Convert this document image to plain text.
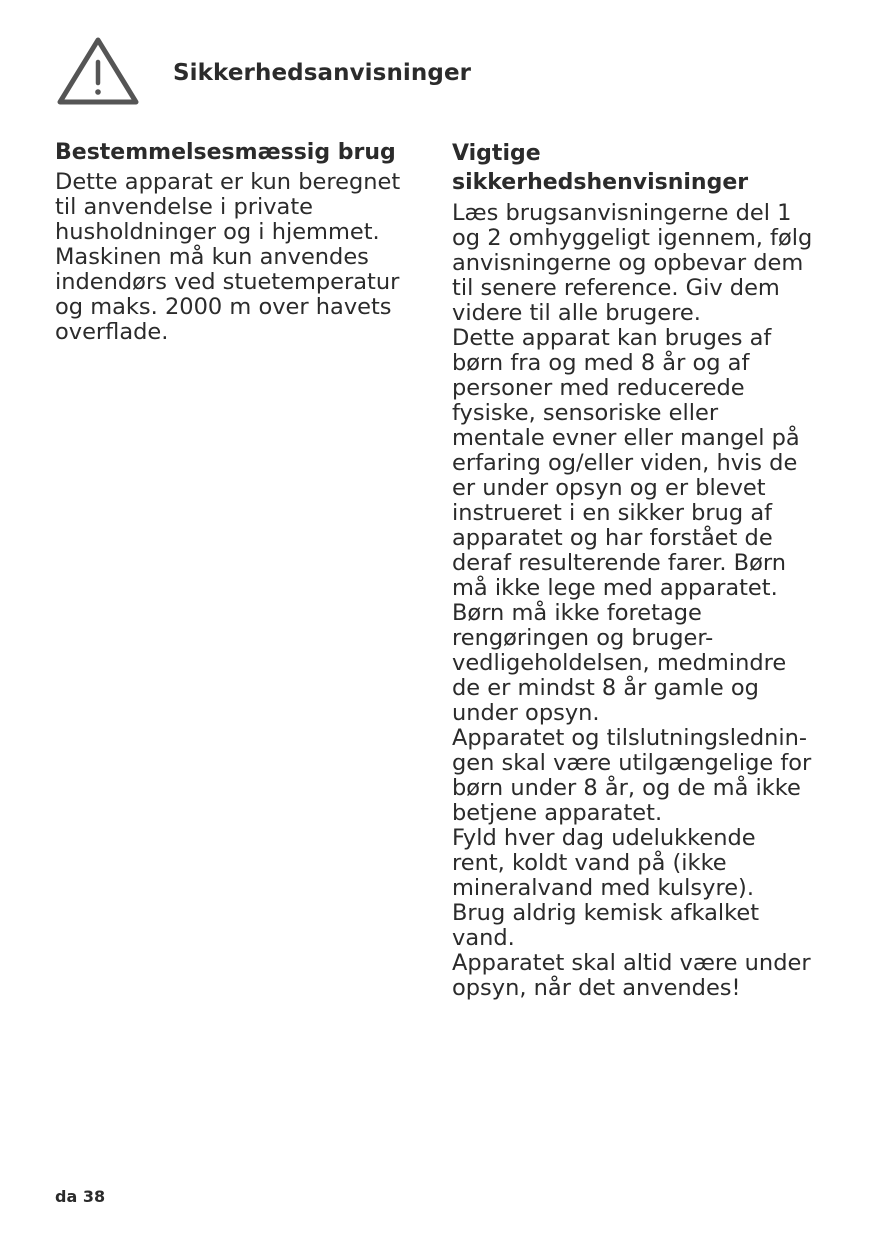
Sikkerhedsanvisninger
Bestemmelsesmæssig brug

Dette apparat er kun beregnet
til anvendelse i private
husholdninger og i hjemmet.
Maskinen må kun anvendes
indendørs ved stuetemperatur
og maks. 2000 m over havets
overflade.

Vigtige
sikkerhedshenvisninger

Læs brugsanvisningerne del 1
og 2 omhyggeligt igennem, følg
anvisningerne og opbevar dem
til senere reference. Giv dem
videre til alle brugere.

Dette apparat kan bruges af
børn fra og med 8 år og af
personer med reducerede
fysiske, sensoriske eller
mentale evner eller mangel på
erfaring og/eller viden, hvis de
er under opsyn og er blevet
instrueret i en sikker brug af
apparatet og har forstået de
deraf resulterende farer. Børn
må ikke lege med apparatet.
Børn må ikke foretage
rengøringen og bruger-
vedligeholdelsen, medmindre
de er mindst 8 år gamle og
under opsyn.

Apparatet og tilslutningslednin-
gen skal være utilgængelige for
børn under 8 år, og de må ikke
betjene apparatet.

Fyld hver dag udelukkende
rent, koldt vand på (ikke
mineralvand med kulsyre).
Brug aldrig kemisk afkalket
vand.

Apparatet skal altid være under
opsyn, når det anvendes!

da 38
